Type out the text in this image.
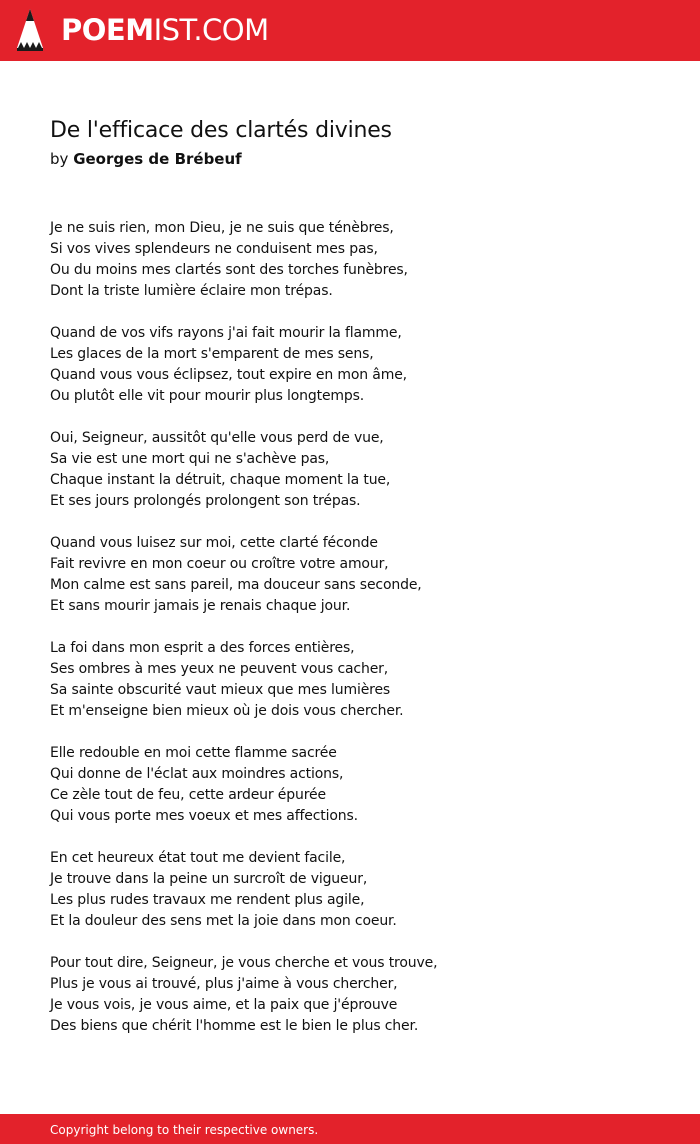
POEMIST.COM
De l'efficace des clartés divines
by Georges de Brébeuf
Je ne suis rien, mon Dieu, je ne suis que ténèbres,
Si vos vives splendeurs ne conduisent mes pas,
Ou du moins mes clartés sont des torches funèbres,
Dont la triste lumière éclaire mon trépas.
Quand de vos vifs rayons j'ai fait mourir la flamme,
Les glaces de la mort s'emparent de mes sens,
Quand vous vous éclipsez, tout expire en mon âme,
Ou plutôt elle vit pour mourir plus longtemps.
Oui, Seigneur, aussitôt qu'elle vous perd de vue,
Sa vie est une mort qui ne s'achève pas,
Chaque instant la détruit, chaque moment la tue,
Et ses jours prolongés prolongent son trépas.
Quand vous luisez sur moi, cette clarté féconde
Fait revivre en mon coeur ou croître votre amour,
Mon calme est sans pareil, ma douceur sans seconde,
Et sans mourir jamais je renais chaque jour.
La foi dans mon esprit a des forces entières,
Ses ombres à mes yeux ne peuvent vous cacher,
Sa sainte obscurité vaut mieux que mes lumières
Et m'enseigne bien mieux où je dois vous chercher.
Elle redouble en moi cette flamme sacrée
Qui donne de l'éclat aux moindres actions,
Ce zèle tout de feu, cette ardeur épurée
Qui vous porte mes voeux et mes affections.
En cet heureux état tout me devient facile,
Je trouve dans la peine un surcroît de vigueur,
Les plus rudes travaux me rendent plus agile,
Et la douleur des sens met la joie dans mon coeur.
Pour tout dire, Seigneur, je vous cherche et vous trouve,
Plus je vous ai trouvé, plus j'aime à vous chercher,
Je vous vois, je vous aime, et la paix que j'éprouve
Des biens que chérit l'homme est le bien le plus cher.
Copyright belong to their respective owners.
